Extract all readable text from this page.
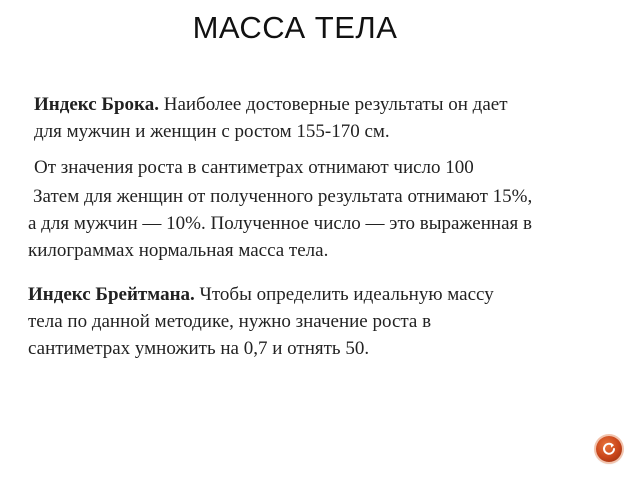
МАССА ТЕЛА

Индекс Брока. Наиболее достоверные результаты он дает
для мужчин и женщин с ростом 155-170 см.

От значения роста в сантиметрах отнимают число 100

Затем для женщин от полученного результата отнимают 15%,
а для мужчин — 10%. Полученное число — это выраженная в
килограммах нормальная масса тела.

Индекс Брейтмана. Чтобы определить идеальную массу
тела по данной методике, нужно значение роста в
сантиметрах умножить на 0,7 и отнять 50.
